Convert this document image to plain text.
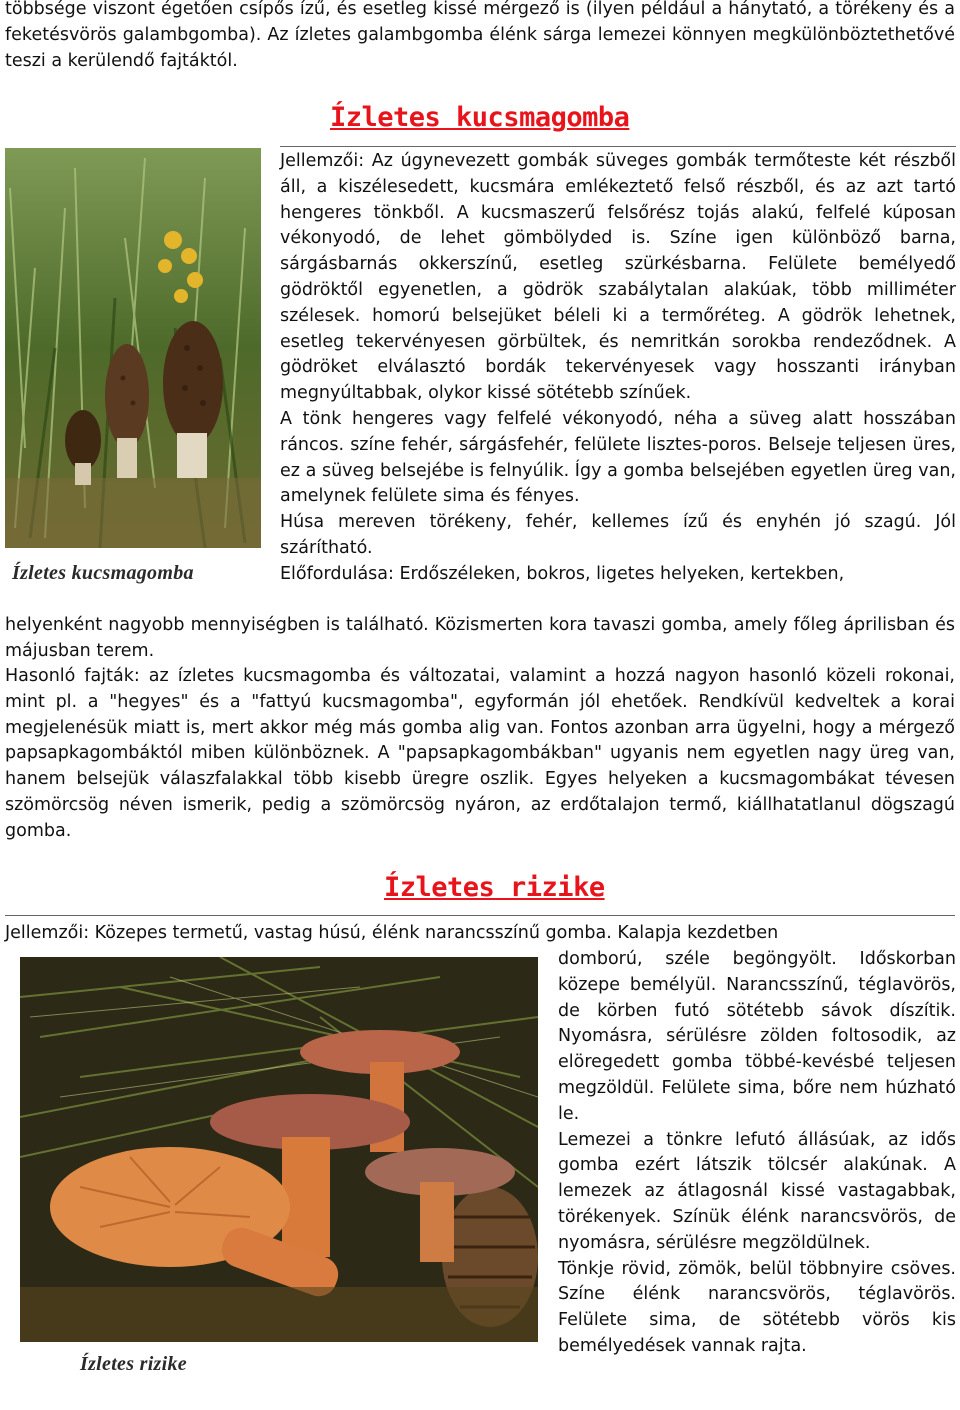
többsége viszont égetően csípős ízű, és esetleg kissé mérgező is (ilyen például a hánytató, a törékeny és a feketésvörös galambgomba). Az ízletes galambgomba élénk sárga lemezei könnyen megkülönböztethetővé teszi a kerülendő fajtáktól.

Ízletes kucsmagomba
Ízletes kucsmagomba

Jellemzői: Az úgynevezett gombák süveges gombák termőteste két részből áll, a kiszélesedett, kucsmára emlékeztető felső részből, és az azt tartó hengeres tönkből. A kucsmaszerű felsőrész tojás alakú, felfelé kúposan vékonyodó, de lehet gömbölyded is. Színe igen különböző barna, sárgásbarnás okkerszínű, esetleg szürkésbarna. Felülete bemélyedő gödröktől egyenetlen, a gödrök szabálytalan alakúak, több milliméter szélesek. homorú belsejüket béleli ki a termőréteg. A gödrök lehetnek, esetleg tekervényesen görbültek, és nemritkán sorokba rendeződnek. A gödröket elválasztó bordák tekervényesek vagy hosszanti irányban megnyúltabbak, olykor kissé sötétebb színűek.

A tönk hengeres vagy felfelé vékonyodó, néha a süveg alatt hosszában ráncos. színe fehér, sárgásfehér, felülete lisztes-poros. Belseje teljesen üres, ez a süveg belsejébe is felnyúlik. Így a gomba belsejében egyetlen üreg van, amelynek felülete sima és fényes.

Húsa mereven törékeny, fehér, kellemes ízű és enyhén jó szagú. Jól szárítható.

Előfordulása: Erdőszéleken, bokros, ligetes helyeken, kertekben,

helyenként nagyobb mennyiségben is található. Közismerten kora tavaszi gomba, amely főleg áprilisban és májusban terem.

Hasonló fajták: az ízletes kucsmagomba és változatai, valamint a hozzá nagyon hasonló közeli rokonai, mint pl. a "hegyes" és a "fattyú kucsmagomba", egyformán jól ehetőek. Rendkívül kedveltek a korai megjelenésük miatt is, mert akkor még más gomba alig van. Fontos azonban arra ügyelni, hogy a mérgező papsapkagombáktól miben különböznek. A "papsapkagombákban" ugyanis nem egyetlen nagy üreg van, hanem belsejük válaszfalakkal több kisebb üregre oszlik. Egyes helyeken a kucsmagombákat tévesen szömörcsög néven ismerik, pedig a szömörcsög nyáron, az erdőtalajon termő, kiállhatatlanul dögszagú gomba.

Ízletes rizike

Jellemzői: Közepes termetű, vastag húsú, élénk narancsszínű gomba. Kalapja kezdetben

Ízletes rizike

domború, széle begöngyölt. Időskorban közepe bemélyül. Narancsszínű, téglavörös, de körben futó sötétebb sávok díszítik. Nyomásra, sérülésre zölden foltosodik, az elöregedett gomba többé-kevésbé teljesen megzöldül. Felülete sima, bőre nem húzható le.

Lemezei a tönkre lefutó állásúak, az idős gomba ezért látszik tölcsér alakúnak. A lemezek az átlagosnál kissé vastagabbak, törékenyek. Színük élénk narancsvörös, de nyomásra, sérülésre megzöldülnek.

Tönkje rövid, zömök, belül többnyire csöves. Színe élénk narancsvörös, téglavörös. Felülete sima, de sötétebb vörös kis bemélyedések vannak rajta.
